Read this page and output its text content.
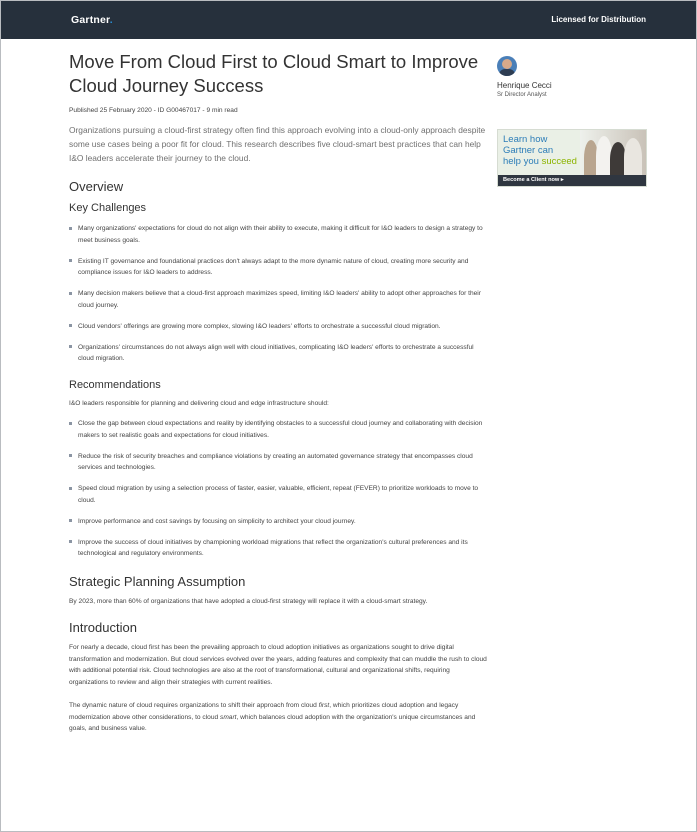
Gartner.	Licensed for Distribution
Move From Cloud First to Cloud Smart to Improve Cloud Journey Success
Published 25 February 2020 - ID G00467017 - 9 min read
Organizations pursuing a cloud-first strategy often find this approach evolving into a cloud-only approach despite some use cases being a poor fit for cloud. This research describes five cloud-smart best practices that can help I&O leaders accelerate their journey to the cloud.
Overview
Key Challenges
Many organizations' expectations for cloud do not align with their ability to execute, making it difficult for I&O leaders to design a strategy to meet business goals.
Existing IT governance and foundational practices don't always adapt to the more dynamic nature of cloud, creating more security and compliance issues for I&O leaders to address.
Many decision makers believe that a cloud-first approach maximizes speed, limiting I&O leaders' ability to adopt other approaches for their cloud journey.
Cloud vendors' offerings are growing more complex, slowing I&O leaders' efforts to orchestrate a successful cloud migration.
Organizations' circumstances do not always align well with cloud initiatives, complicating I&O leaders' efforts to orchestrate a successful cloud migration.
Recommendations

I&O leaders responsible for planning and delivering cloud and edge infrastructure should:

Close the gap between cloud expectations and reality by identifying obstacles to a successful cloud journey and collaborating with decision makers to set realistic goals and expectations for cloud initiatives.
Reduce the risk of security breaches and compliance violations by creating an automated governance strategy that encompasses cloud services and technologies.
Speed cloud migration by using a selection process of faster, easier, valuable, efficient, repeat (FEVER) to prioritize workloads to move to cloud.
Improve performance and cost savings by focusing on simplicity to architect your cloud journey.
Improve the success of cloud initiatives by championing workload migrations that reflect the organization's cultural preferences and its technological and regulatory environments.
Strategic Planning Assumption

By 2023, more than 60% of organizations that have adopted a cloud-first strategy will replace it with a cloud-smart strategy.

Introduction

For nearly a decade, cloud first has been the prevailing approach to cloud adoption initiatives as organizations sought to drive digital transformation and modernization. But cloud services evolved over the years, adding features and complexity that can muddle the rush to cloud with additional potential risk. Cloud technologies are also at the root of transformational, cultural and organizational shifts, requiring organizations to review and align their strategies with current realities.

The dynamic nature of cloud requires organizations to shift their approach from cloud first, which prioritizes cloud adoption and legacy modernization above other considerations, to cloud smart, which balances cloud adoption with the organization's unique circumstances and goals, and business value.

Henrique Cecci
Sr Director Analyst
Learn how
Gartner can
help you succeed
Become a Client now ▸
